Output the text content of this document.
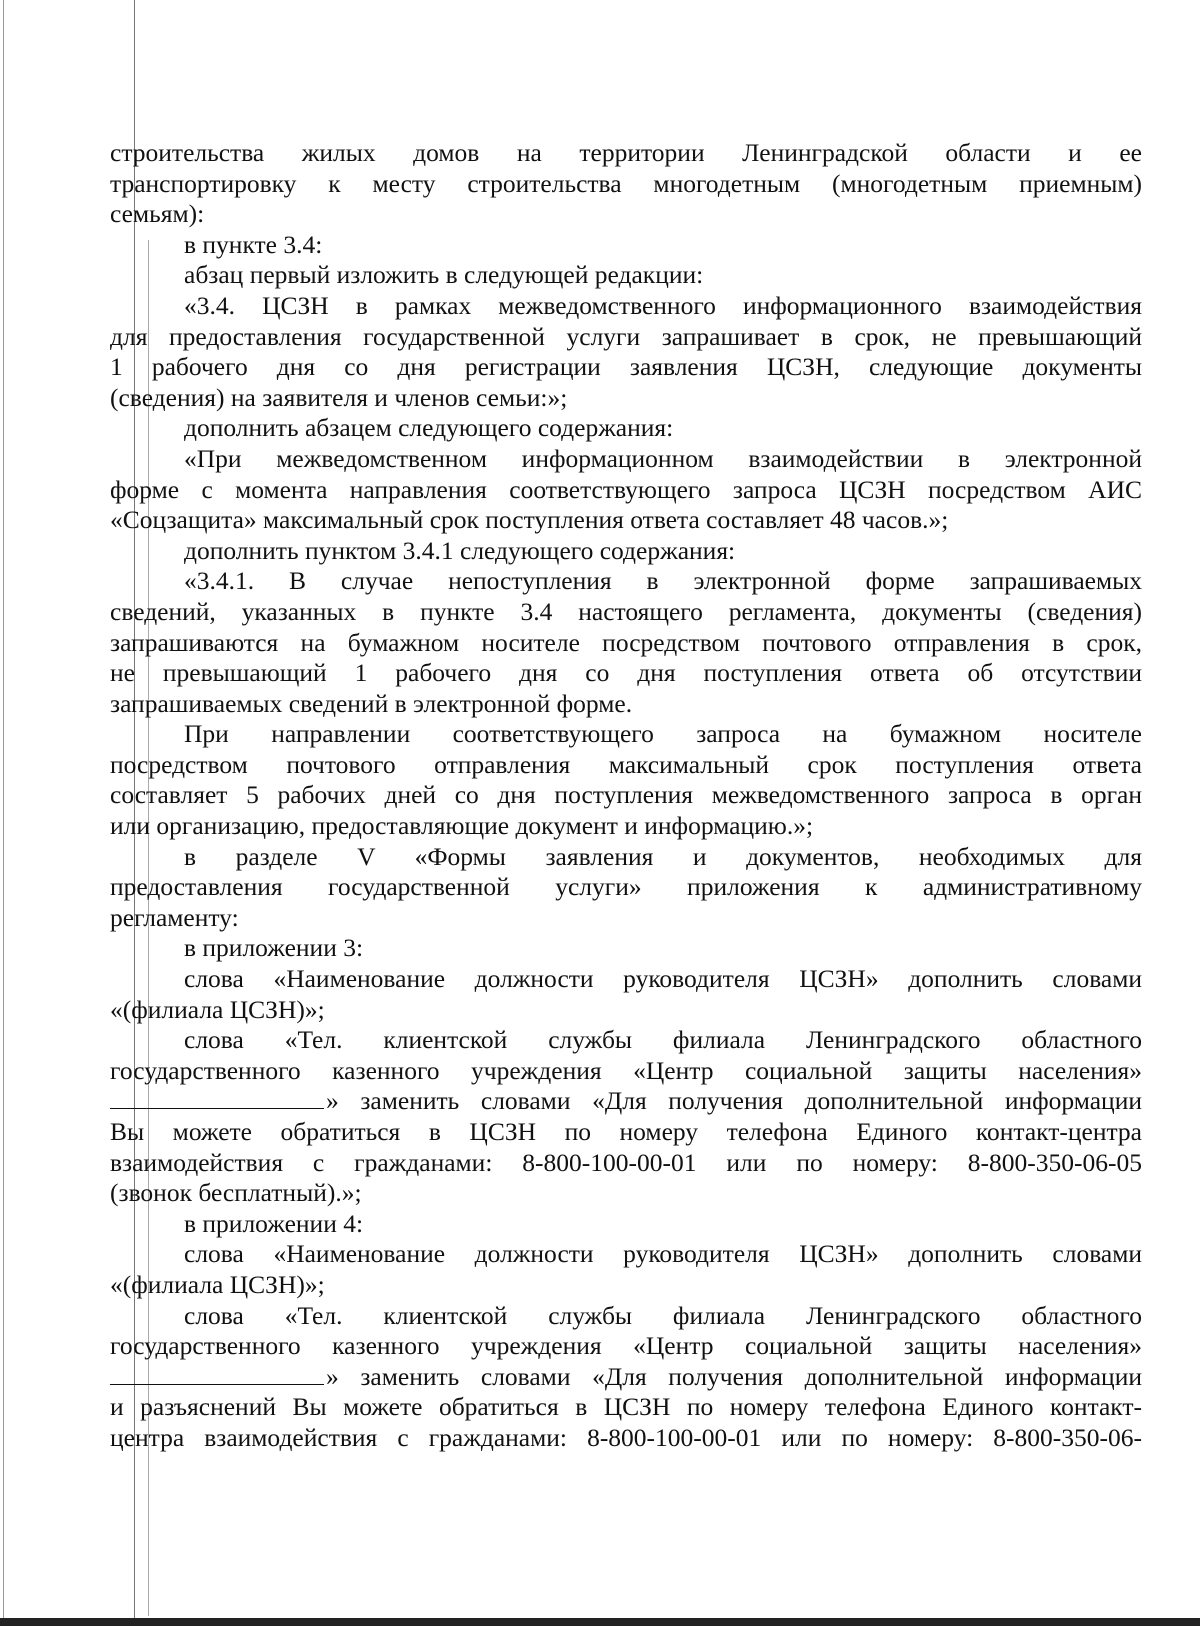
строительства жилых домов на территории Ленинградской области и ее
транспортировку к месту строительства многодетным (многодетным приемным)
семьям):
в пункте 3.4:
абзац первый изложить в следующей редакции:
«3.4. ЦСЗН в рамках межведомственного информационного взаимодействия
для предоставления государственной услуги запрашивает в срок, не превышающий
1 рабочего дня со дня регистрации заявления ЦСЗН, следующие документы
(сведения) на заявителя и членов семьи:»;
дополнить абзацем следующего содержания:
«При межведомственном информационном взаимодействии в электронной
форме с момента направления соответствующего запроса ЦСЗН посредством АИС
«Соцзащита» максимальный срок поступления ответа составляет 48 часов.»;
дополнить пунктом 3.4.1 следующего содержания:
«3.4.1. В случае непоступления в электронной форме запрашиваемых
сведений, указанных в пункте 3.4 настоящего регламента, документы (сведения)
запрашиваются на бумажном носителе посредством почтового отправления в срок,
не превышающий 1 рабочего дня со дня поступления ответа об отсутствии
запрашиваемых сведений в электронной форме.
При направлении соответствующего запроса на бумажном носителе
посредством почтового отправления максимальный срок поступления ответа
составляет 5 рабочих дней со дня поступления межведомственного запроса в орган
или организацию, предоставляющие документ и информацию.»;
в разделе V «Формы заявления и документов, необходимых для
предоставления государственной услуги» приложения к административному
регламенту:
в приложении 3:
слова «Наименование должности руководителя ЦСЗН» дополнить словами
«(филиала ЦСЗН)»;
слова «Тел. клиентской службы филиала Ленинградского областного
государственного казенного учреждения «Центр социальной защиты населения»
» заменить словами «Для получения дополнительной информации
Вы можете обратиться в ЦСЗН по номеру телефона Единого контакт-центра
взаимодействия с гражданами: 8-800-100-00-01 или по номеру: 8-800-350-06-05
(звонок бесплатный).»;
в приложении 4:
слова «Наименование должности руководителя ЦСЗН» дополнить словами
«(филиала ЦСЗН)»;
слова «Тел. клиентской службы филиала Ленинградского областного
государственного казенного учреждения «Центр социальной защиты населения»
» заменить словами «Для получения дополнительной информации
и разъяснений Вы можете обратиться в ЦСЗН по номеру телефона Единого контакт-
центра взаимодействия с гражданами: 8-800-100-00-01 или по номеру: 8-800-350-06-
